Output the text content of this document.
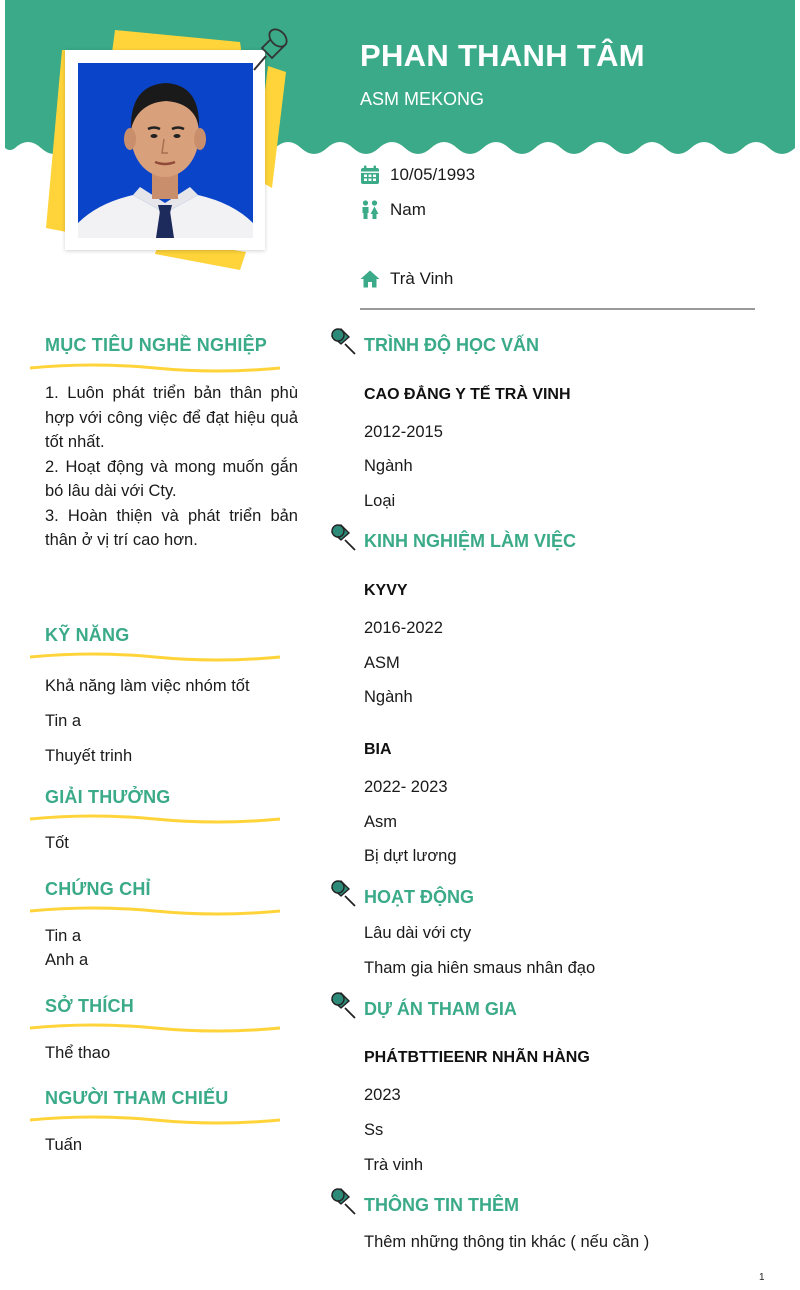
PHAN THANH TÂM
ASM MEKONG
10/05/1993
Nam
Trà Vinh
MỤC TIÊU NGHỀ NGHIỆP

1. Luôn phát triển bản thân phù hợp với công việc để đạt hiệu quả tốt nhất.

2. Hoạt động và mong muốn gắn bó lâu dài với Cty.

3. Hoàn thiện và phát triển bản thân ở vị trí cao hơn.

KỸ NĂNG
Khả năng làm việc nhóm tốt
Tin a
Thuyết trinh
GIẢI THƯỞNG
Tốt
CHỨNG CHỈ
Tin a
Anh a
SỞ THÍCH
Thể thao
NGƯỜI THAM CHIẾU
Tuấn
TRÌNH ĐỘ HỌC VẤN
CAO ĐẲNG Y TẾ TRÀ VINH
2012-2015
Ngành
Loại
KINH NGHIỆM LÀM VIỆC
KYVY
2016-2022
ASM
Ngành
BIA
2022- 2023
Asm
Bị dựt lương
HOẠT ĐỘNG
Lâu dài với cty
Tham gia hiên smaus nhân đạo
DỰ ÁN THAM GIA
PHÁTBTTIEENR NHÃN HÀNG
2023
Ss
Trà vinh
THÔNG TIN THÊM
Thêm những thông tin khác ( nếu cần )
1
